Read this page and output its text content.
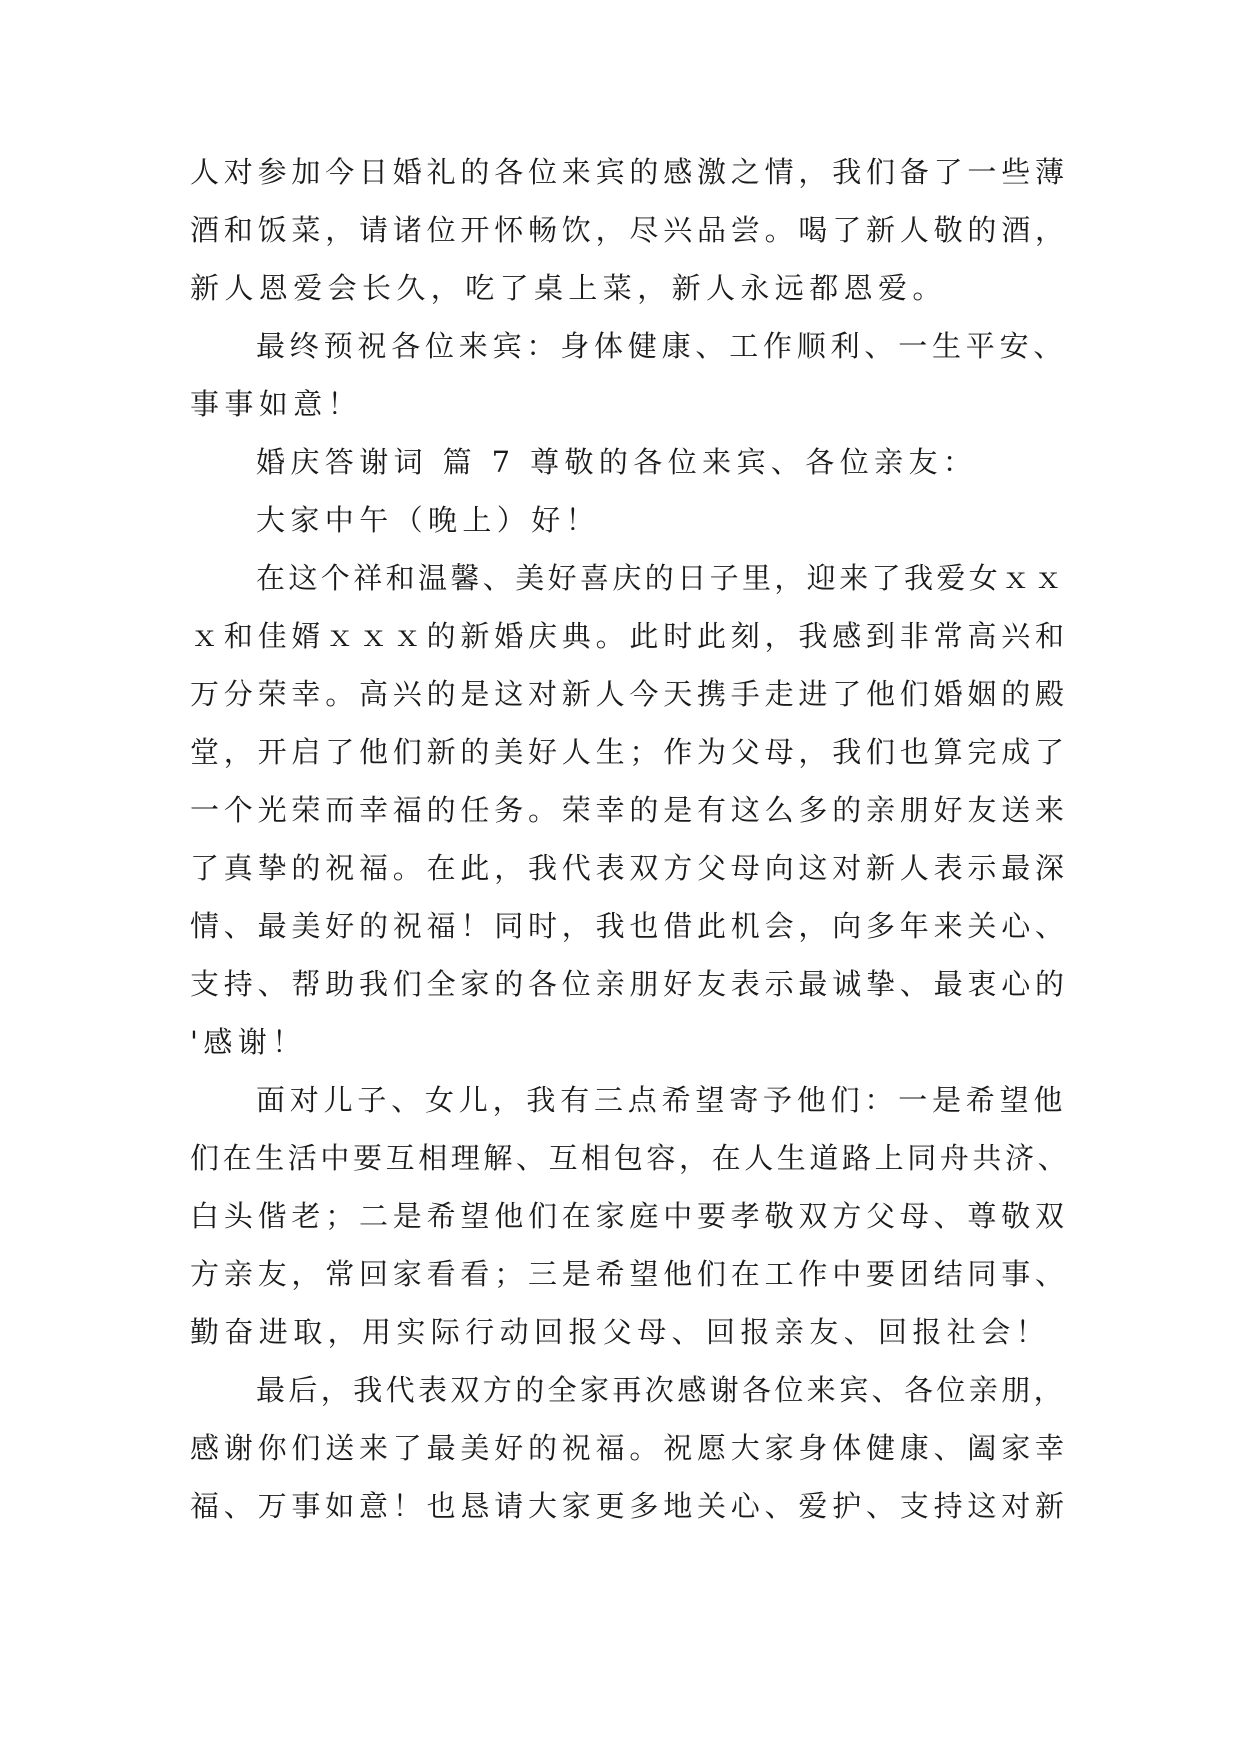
人对参加今日婚礼的各位来宾的感激之情，我们备了一些薄
酒和饭菜，请诸位开怀畅饮，尽兴品尝。喝了新人敬的酒，
新人恩爱会长久，吃了桌上菜，新人永远都恩爱。
最终预祝各位来宾：身体健康、工作顺利、一生平安、
事事如意！
婚庆答谢词 篇 7 尊敬的各位来宾、各位亲友：
大家中午（晚上）好！
在这个祥和温馨、美好喜庆的日子里，迎来了我爱女ｘｘ
ｘ和佳婿ｘｘｘ的新婚庆典。此时此刻，我感到非常高兴和
万分荣幸。高兴的是这对新人今天携手走进了他们婚姻的殿
堂，开启了他们新的美好人生；作为父母，我们也算完成了
一个光荣而幸福的任务。荣幸的是有这么多的亲朋好友送来
了真挚的祝福。在此，我代表双方父母向这对新人表示最深
情、最美好的祝福！同时，我也借此机会，向多年来关心、
支持、帮助我们全家的各位亲朋好友表示最诚挚、最衷心的
'感谢！
面对儿子、女儿，我有三点希望寄予他们：一是希望他
们在生活中要互相理解、互相包容，在人生道路上同舟共济、
白头偕老；二是希望他们在家庭中要孝敬双方父母、尊敬双
方亲友，常回家看看；三是希望他们在工作中要团结同事、
勤奋进取，用实际行动回报父母、回报亲友、回报社会！
最后，我代表双方的全家再次感谢各位来宾、各位亲朋，
感谢你们送来了最美好的祝福。祝愿大家身体健康、阖家幸
福、万事如意！也恳请大家更多地关心、爱护、支持这对新
